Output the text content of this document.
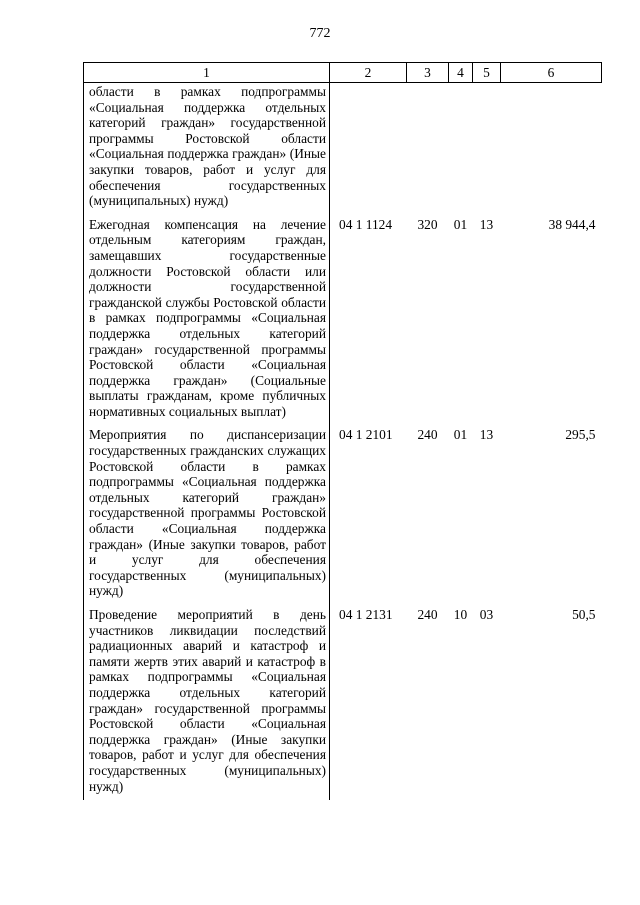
772
1	2	3	4	5	6
области в рамках подпрограммы «Социальная поддержка отдельных категорий граждан» государственной программы Ростовской области «Социальная поддержка граждан» (Иные закупки товаров, работ и услуг для обеспечения государственных (муниципальных) нужд)					
Ежегодная компенсация на лечение отдельным категориям граждан, замещавших государственные должности Ростовской области или должности государственной гражданской службы Ростовской области в рамках подпрограммы «Социальная поддержка отдельных категорий граждан» государственной программы Ростовской области «Социальная поддержка граждан» (Социальные выплаты гражданам, кроме публичных нормативных социальных выплат)	04 1 1124	320	01	13	38 944,4
Мероприятия по диспансеризации государственных гражданских служащих Ростовской области в рамках подпрограммы «Социальная поддержка отдельных категорий граждан» государственной программы Ростовской области «Социальная поддержка граждан» (Иные закупки товаров, работ и услуг для обеспечения государственных (муниципальных) нужд)	04 1 2101	240	01	13	295,5
Проведение мероприятий в день участников ликвидации последствий радиационных аварий и катастроф и памяти жертв этих аварий и катастроф в рамках подпрограммы «Социальная поддержка отдельных категорий граждан» государственной программы Ростовской области «Социальная поддержка граждан» (Иные закупки товаров, работ и услуг для обеспечения государственных (муниципальных) нужд)	04 1 2131	240	10	03	50,5
